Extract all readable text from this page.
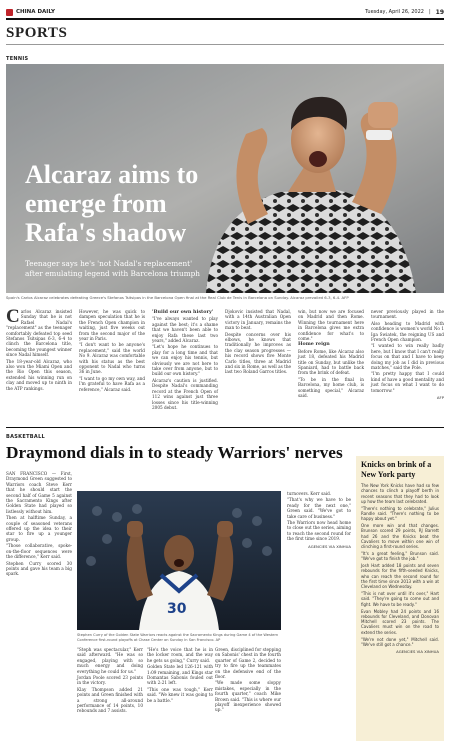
CHINA DAILY	Tuesday, April 26, 2022 | 19
SPORTS
TENNIS
Alcaraz aims to emerge from Rafa's shadow
Teenager says he's 'not Nadal's replacement' after emulating legend with Barcelona triumph
Spain's Carlos Alcaraz celebrates defeating Greece's Stefanos Tsitsipas in the Barcelona Open final at the Real Club de Tenis in Barcelona on Sunday. Alcaraz prevailed 6-3, 6-4. AFP

Carlos Alcaraz insisted Sunday that he is not Rafael Nadal's "replacement" as the teenager comfortably defeated top seed Stefanos Tsitsipas 6-3, 6-4 to clinch the Barcelona title, becoming the youngest winner since Nadal himself.

The 18-year-old Alcaraz, who also won the Miami Open and the Rio Open this season, extended his winning run on clay and moved up to ninth in the ATP rankings.

However, he was quick to dampen speculation that he is the French Open champion in waiting, just five weeks out from the second major of the year in Paris.

"I don't want to be anyone's replacement," said the world No 9. Alcaraz was comfortable with his status as the best opponent to Nadal who turns 36 in June.

"I want to go my own way, and I'm grateful to have Rafa as a reference," Alcaraz said.

'Build our own history'

"I've always wanted to play against the best; it's a shame that we haven't been able to enjoy Rafa these last two years," added Alcaraz.

"Let's hope he continues to play for a long time and that we can enjoy his tennis, but obviously we are not here to take over from anyone, but to build our own history."

Alcaraz's caution is justified. Despite Nadal's commanding record at the French Open of 112 wins against just three losses since his title-winning 2005 debut.

Djokovic insisted that Nadal, with a 14th Australian Open victory in January, remains the man to beat.

Despite concerns over his elbows, he knows that traditionally he improves as the clay season progresses — his record shows five Monte Carlo titles, three at Madrid and six in Rome, as well as the last two Roland Garros titles.

win, but now we are focused on Madrid and then Rome. Winning the tournament here in Barcelona gives me extra confidence for what's to come."

Home reign

Before Rome, like Alcaraz also just 18, defeated his Madrid title on Sunday, but unlike the Spaniard, had to battle back from the brink of defeat.

"To be in the final in Barcelona, my home club, is something special," Alcaraz said.

never previously played in the tournament.

Also heading to Madrid with confidence is women's world No 1 Iga Swiatek, the reigning US and French Open champion.

"I wanted to win really badly here, but I know that I can't really focus on that and I have to keep doing my job as I did in previous matches," said the Pole.

"I'm pretty happy that I could kind of have a good mentality and just focus on what I want to do tomorrow."

AFP
BASKETBALL
Draymond dials in to steady Warriors' nerves

SAN FRANCISCO — First, Draymond Green suggested to Warriors coach Steve Kerr that he should start the second half of Game 5 against the Sacramento Kings after Golden State had played so listlessly without him.

Then at halftime Sunday, a couple of seasoned veterans offered up the idea to their star to fire up a younger group.

"Those collaborative, spoke-on-the-floor sequences were the difference," Kerr said.

Stephen Curry scored 30 points and gave his team a big spark.

30
Stephen Curry of the Golden State Warriors reacts against the Sacramento Kings during Game 4 of the Western Conference first-round playoffs at Chase Center on Sunday in San Francisco. AP

"Steph was spectacular," Kerr said afterward. "He was so engaged, playing with so much energy and doing everything he could for us."

Jordan Poole scored 23 points in the victory.

Klay Thompson added 21 points and Green finished with a strong all-around performance of 14 points, 10 rebounds and 7 assists.

"He's the voice that he is in the locker room, and the way he gets us going," Curry said.

Golden State led 126-121 with 1:09 remaining, and Kings star Domantas Sabonis fouled out with 2:21 left.

"This one was tough," Kerr said. "We knew it was going to be a battle."

Green, disciplined for stepping on Sabonis' chest in the fourth quarter of Game 2, decided to try to fire up the teammates on the defensive end of the floor.

"We made some sloppy mistakes, especially in the fourth quarter," coach Mike Brown said. "This is where our playoff inexperience showed up."

turnovers. Kerr said.

"That's why we have to be ready for the next one," Green said. "We've got to take care of business."

The Warriors now head home to close out the series, aiming to reach the second round for the first time since 2019.

AGENCIES VIA XINHUA
Knicks on brink of a New York party

The New York Knicks have had so few chances to clinch a playoff berth in recent seasons that they had to look up how the team last celebrated.

"There's nothing to celebrate," Julius Randle said. "There's nothing to be happy about yet."

One more win and that changes. Brunson scored 29 points, RJ Barrett had 26 and the Knicks beat the Cavaliers to move within one win of clinching a first-round series.

"It's a great feeling," Brunson said. "We've got to finish the job."

Josh Hart added 18 points and seven rebounds for the fifth-seeded Knicks, who can reach the second round for the first time since 2013 with a win at Cleveland on Wednesday.

"This is not over until it's over," Hart said. "They're going to come out and fight. We have to be ready."

Evan Mobley had 24 points and 16 rebounds for Cleveland, and Donovan Mitchell scored 23 points. The Cavaliers must win on the road to extend the series.

"We're not done yet," Mitchell said. "We've still got a chance."

AGENCIES VIA XINHUA
